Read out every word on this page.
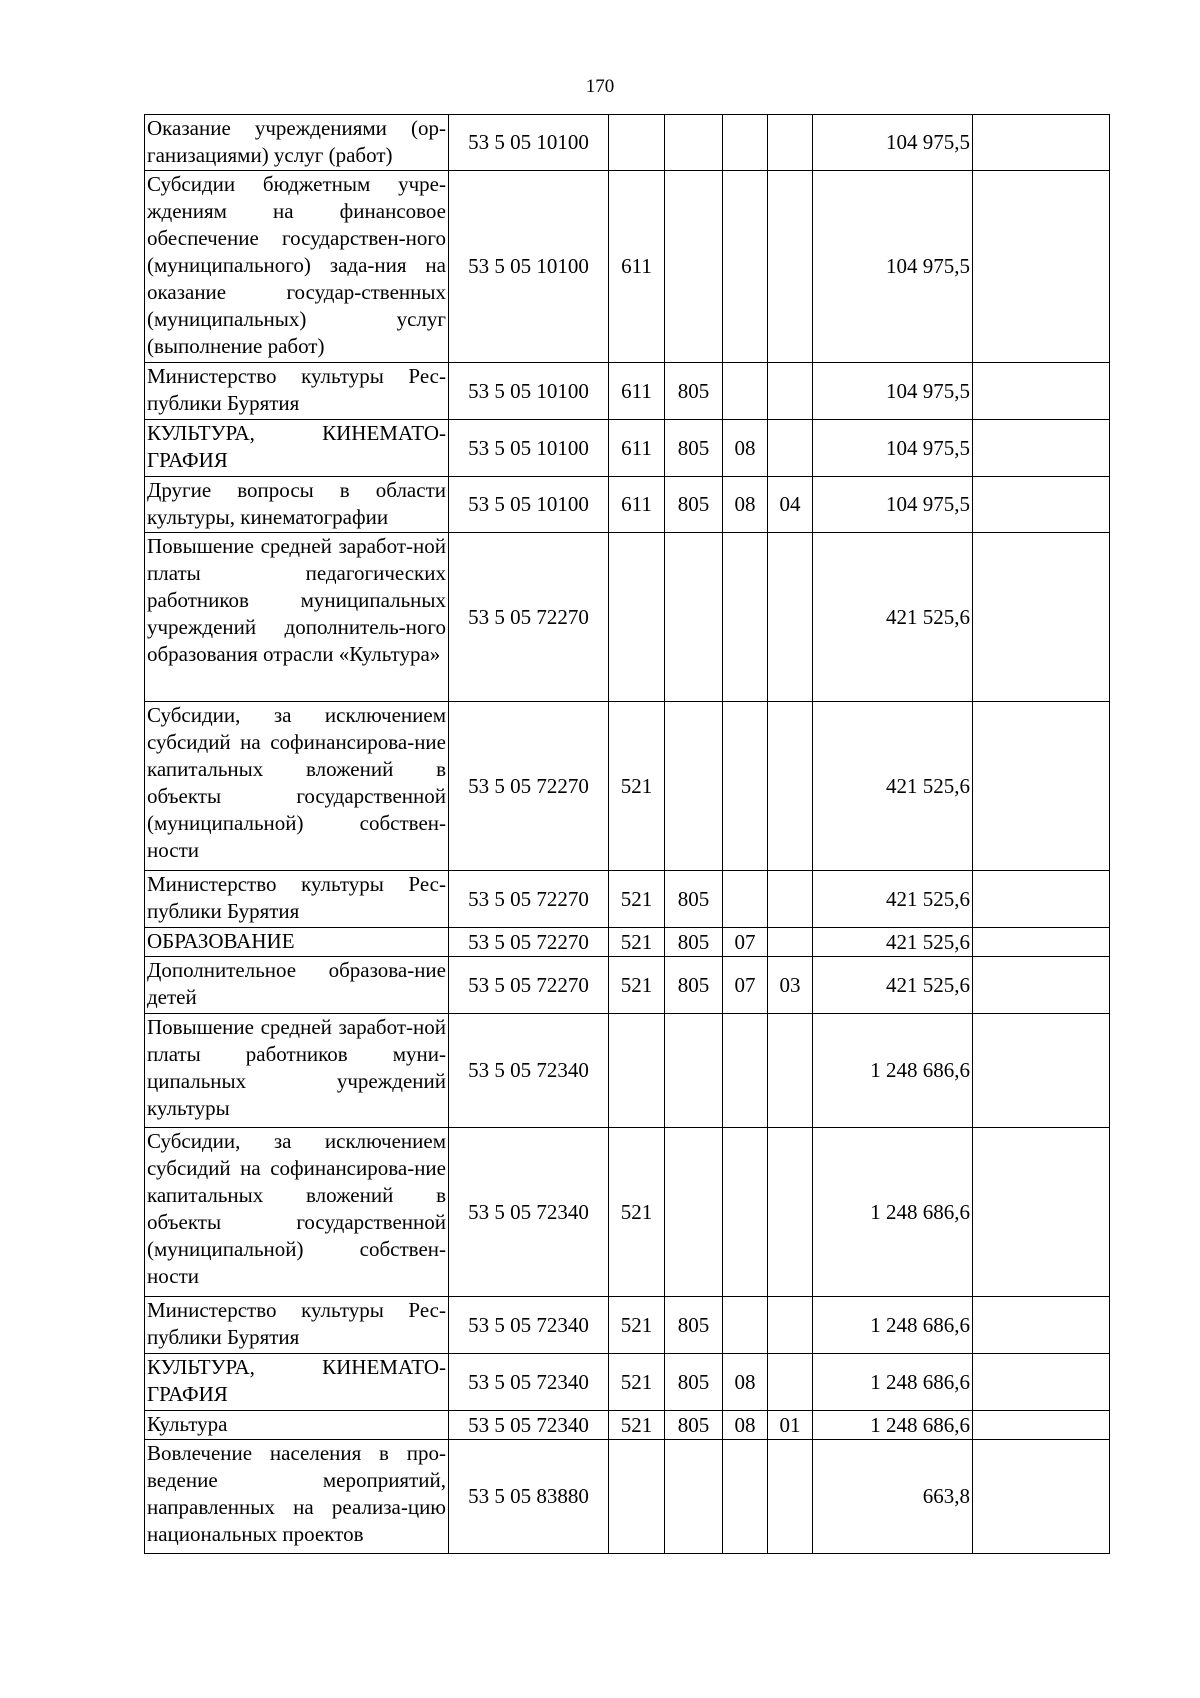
170
Оказание учреждениями (ор-ганизациями) услуг (работ)	53 5 05 10100					104 975,5	
Субсидии бюджетным учре-ждениям на финансовое обеспечение государствен-ного (муниципального) зада-ния на оказание государ-ственных (муниципальных) услуг (выполнение работ)	53 5 05 10100	611				104 975,5	
Министерство культуры Рес-публики Бурятия	53 5 05 10100	611	805			104 975,5	
КУЛЬТУРА, КИНЕМАТО-ГРАФИЯ	53 5 05 10100	611	805	08		104 975,5	
Другие вопросы в области культуры, кинематографии	53 5 05 10100	611	805	08	04	104 975,5	
Повышение средней заработ-ной платы педагогических работников муниципальных учреждений дополнитель-ного образования отрасли «Культура»	53 5 05 72270					421 525,6	
Субсидии, за исключением субсидий на софинансирова-ние капитальных вложений в объекты государственной (муниципальной) собствен-ности	53 5 05 72270	521				421 525,6	
Министерство культуры Рес-публики Бурятия	53 5 05 72270	521	805			421 525,6	
ОБРАЗОВАНИЕ	53 5 05 72270	521	805	07		421 525,6	
Дополнительное образова-ние детей	53 5 05 72270	521	805	07	03	421 525,6	
Повышение средней заработ-ной платы работников муни-ципальных учреждений культуры	53 5 05 72340					1 248 686,6	
Субсидии, за исключением субсидий на софинансирова-ние капитальных вложений в объекты государственной (муниципальной) собствен-ности	53 5 05 72340	521				1 248 686,6	
Министерство культуры Рес-публики Бурятия	53 5 05 72340	521	805			1 248 686,6	
КУЛЬТУРА, КИНЕМАТО-ГРАФИЯ	53 5 05 72340	521	805	08		1 248 686,6	
Культура	53 5 05 72340	521	805	08	01	1 248 686,6	
Вовлечение населения в про-ведение мероприятий, направленных на реализа-цию национальных проектов	53 5 05 83880					663,8	
